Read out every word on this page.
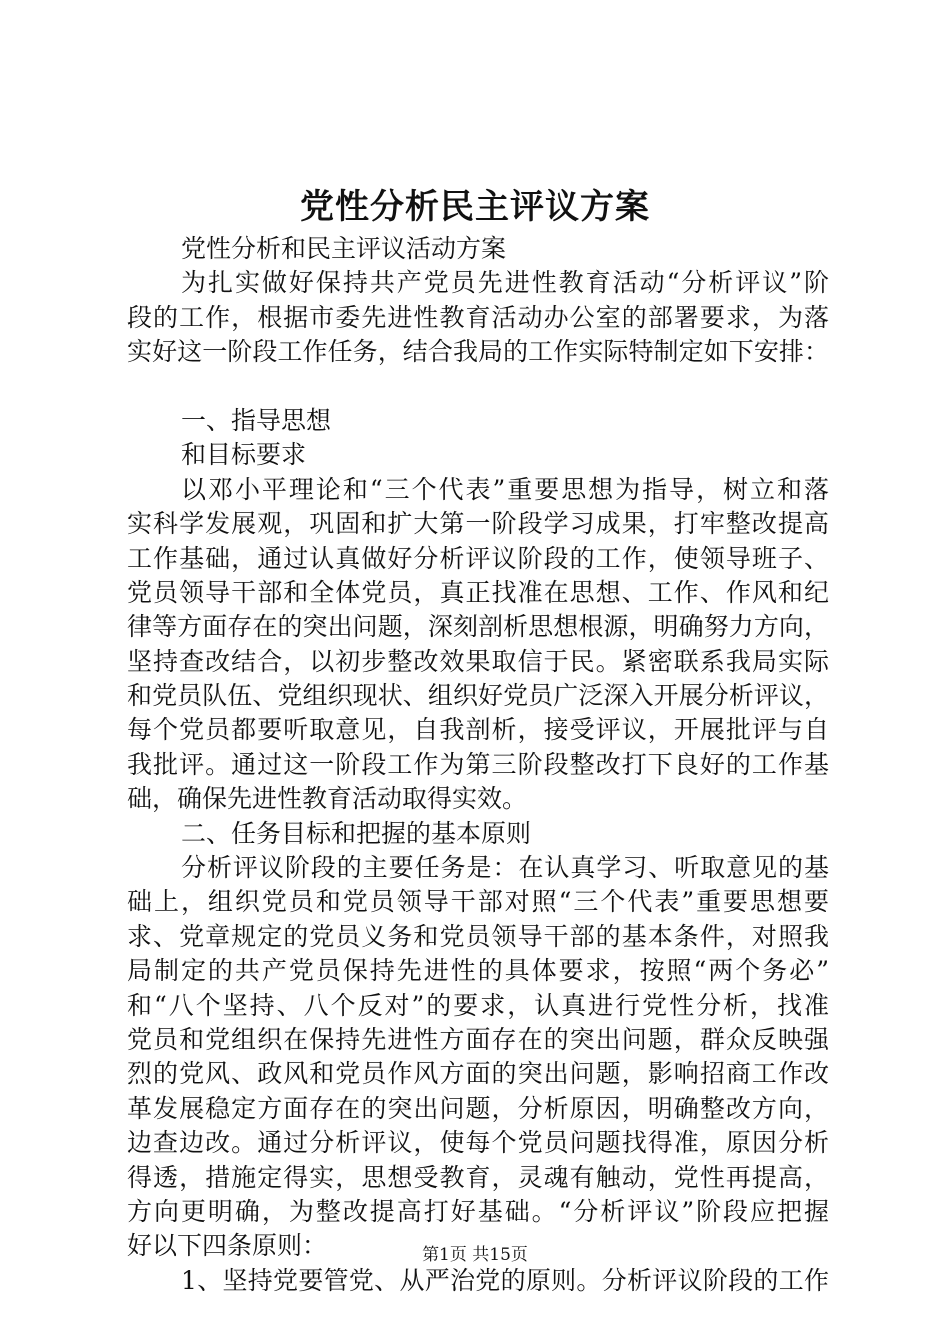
党性分析民主评议方案
党性分析和民主评议活动方案
为扎实做好保持共产党员先进性教育活动“分析评议”阶
段的工作，根据市委先进性教育活动办公室的部署要求，为落
实好这一阶段工作任务，结合我局的工作实际特制定如下安排：
一、指导思想
和目标要求
以邓小平理论和“三个代表”重要思想为指导，树立和落
实科学发展观，巩固和扩大第一阶段学习成果，打牢整改提高
工作基础，通过认真做好分析评议阶段的工作，使领导班子、
党员领导干部和全体党员，真正找准在思想、工作、作风和纪
律等方面存在的突出问题，深刻剖析思想根源，明确努力方向，
坚持查改结合，以初步整改效果取信于民。紧密联系我局实际
和党员队伍、党组织现状、组织好党员广泛深入开展分析评议，
每个党员都要听取意见，自我剖析，接受评议，开展批评与自
我批评。通过这一阶段工作为第三阶段整改打下良好的工作基
础，确保先进性教育活动取得实效。
二、任务目标和把握的基本原则
分析评议阶段的主要任务是：在认真学习、听取意见的基
础上，组织党员和党员领导干部对照“三个代表”重要思想要
求、党章规定的党员义务和党员领导干部的基本条件，对照我
局制定的共产党员保持先进性的具体要求，按照“两个务必”
和“八个坚持、八个反对”的要求，认真进行党性分析，找准
党员和党组织在保持先进性方面存在的突出问题，群众反映强
烈的党风、政风和党员作风方面的突出问题，影响招商工作改
革发展稳定方面存在的突出问题，分析原因，明确整改方向，
边查边改。通过分析评议，使每个党员问题找得准，原因分析
得透，措施定得实，思想受教育，灵魂有触动，党性再提高，
方向更明确，为整改提高打好基础。“分析评议”阶段应把握
好以下四条原则：
1、坚持党要管党、从严治党的原则。分析评议阶段的工作
第1页 共15页
